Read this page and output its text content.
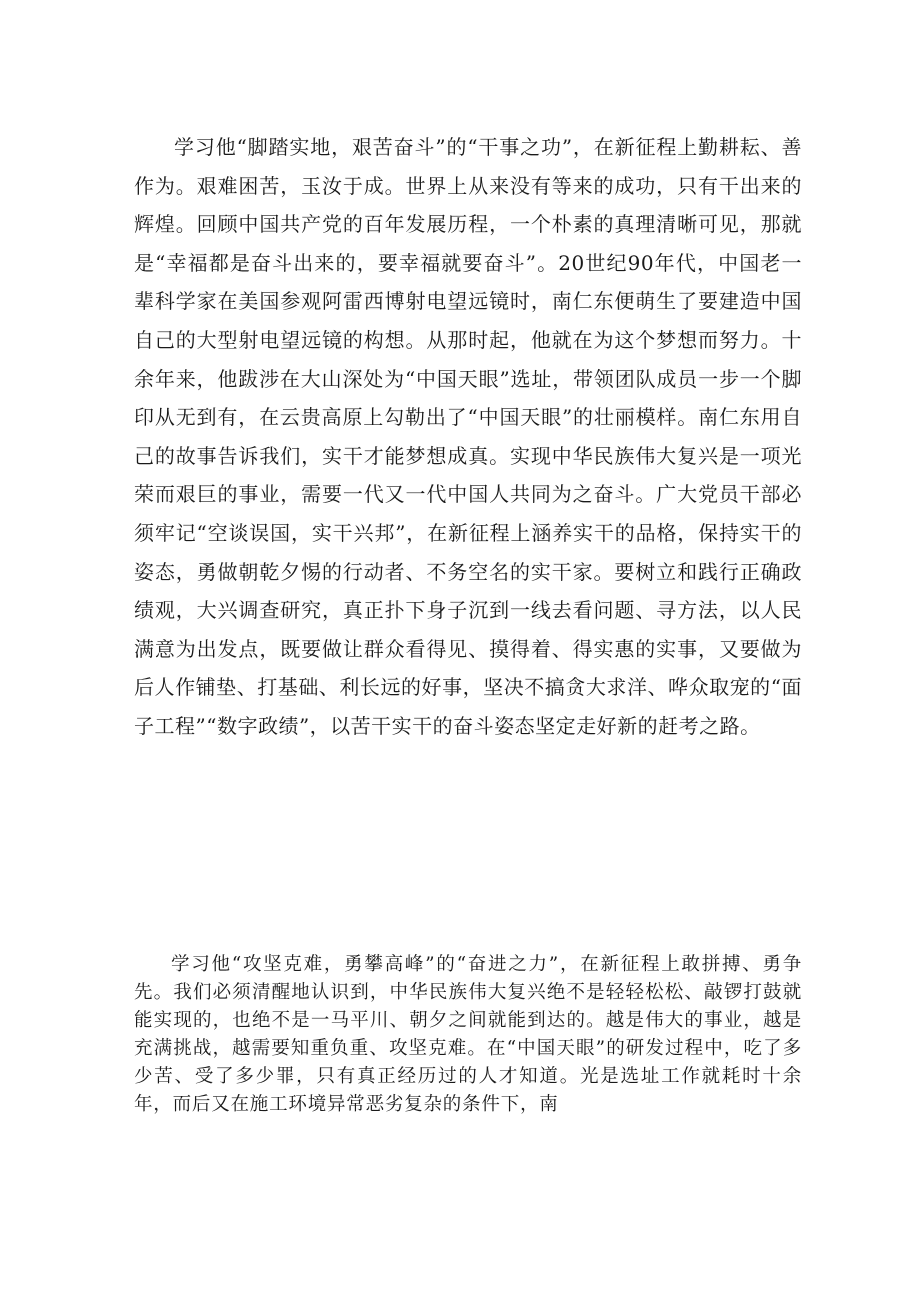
学习他“脚踏实地，艰苦奋斗”的“干事之功”，在新征程上勤耕耘、善作为。艰难困苦，玉汝于成。世界上从来没有等来的成功，只有干出来的辉煌。回顾中国共产党的百年发展历程，一个朴素的真理清晰可见，那就是“幸福都是奋斗出来的，要幸福就要奋斗”。20世纪90年代，中国老一辈科学家在美国参观阿雷西博射电望远镜时，南仁东便萌生了要建造中国自己的大型射电望远镜的构想。从那时起，他就在为这个梦想而努力。十余年来，他跋涉在大山深处为“中国天眼”选址，带领团队成员一步一个脚印从无到有，在云贵高原上勾勒出了“中国天眼”的壮丽模样。南仁东用自己的故事告诉我们，实干才能梦想成真。实现中华民族伟大复兴是一项光荣而艰巨的事业，需要一代又一代中国人共同为之奋斗。广大党员干部必须牢记“空谈误国，实干兴邦”，在新征程上涵养实干的品格，保持实干的姿态，勇做朝乾夕惕的行动者、不务空名的实干家。要树立和践行正确政绩观，大兴调查研究，真正扑下身子沉到一线去看问题、寻方法，以人民满意为出发点，既要做让群众看得见、摸得着、得实惠的实事，又要做为后人作铺垫、打基础、利长远的好事，坚决不搞贪大求洋、哗众取宠的“面子工程”“数字政绩”，以苦干实干的奋斗姿态坚定走好新的赶考之路。

学习他“攻坚克难，勇攀高峰”的“奋进之力”，在新征程上敢拼搏、勇争先。我们必须清醒地认识到，中华民族伟大复兴绝不是轻轻松松、敲锣打鼓就能实现的，也绝不是一马平川、朝夕之间就能到达的。越是伟大的事业，越是充满挑战，越需要知重负重、攻坚克难。在“中国天眼”的研发过程中，吃了多少苦、受了多少罪，只有真正经历过的人才知道。光是选址工作就耗时十余年，而后又在施工环境异常恶劣复杂的条件下，南
